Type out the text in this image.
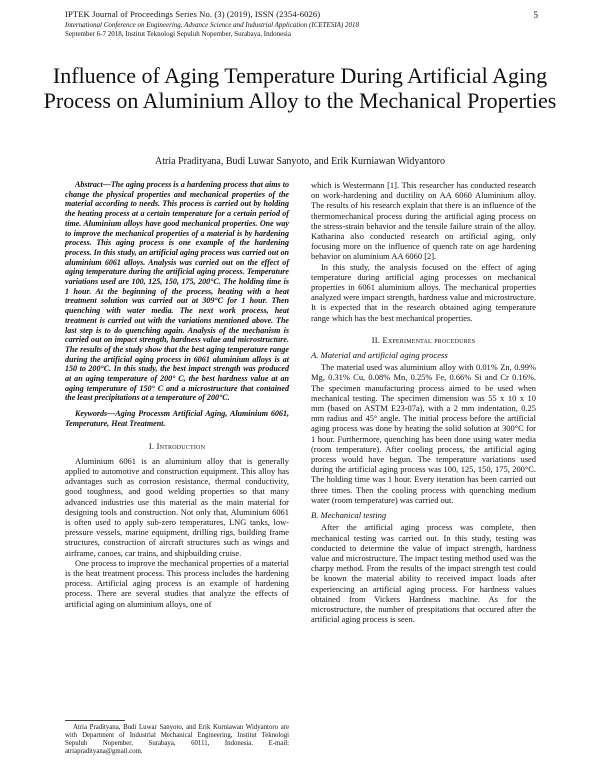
IPTEK Journal of Proceedings Series No. (3) (2019), ISSN (2354-6026)	5
International Conference on Engineering, Advance Science and Industrial Application (ICETESIA) 2018
September 6-7 2018, Institut Teknologi Sepuluh Nopember, Surabaya, Indonesia
Influence of Aging Temperature During Artificial Aging Process on Aluminium Alloy to the Mechanical Properties
Atria Pradityana, Budi Luwar Sanyoto, and Erik Kurniawan Widyantoro

Abstract—The aging process is a hardening process that aims to change the physical properties and mechanical properties of the material according to needs. This process is carried out by holding the heating process at a certain temperature for a certain period of time. Aluminium alloys have good mechanical properties. One way to improve the mechanical properties of a material is by hardening process. This aging process is one example of the hardening process. In this study, an artificial aging process was carried out on aluminium 6061 alloys. Analysis was carried out on the effect of aging temperature during the artificial aging process. Temperature variations used are 100, 125, 150, 175, 200°C. The holding time is 1 hour. At the beginning of the process, heating with a heat treatment solution was carried out at 309°C for 1 hour. Then quenching with water media. The next work process, heat treatment is carried out with the variations mentioned above. The last step is to do quenching again. Analysis of the mechanism is carried out on impact strength, hardness value and microstructure. The results of the study show that the best aging temperature range during the artificial aging process in 6061 aluminium alloys is at 150 to 200°C. In this study, the best impact strength was produced at an aging temperature of 200° C, the best hardness value at an aging temperature of 150° C and a microstructure that contained the least precipitations at a temperature of 200°C.

Keywords—Aging Processm Artificial Aging, Aluminium 6061, Temperature, Heat Treatment.

I. Introduction

Aluminium 6061 is an aluminium alloy that is generally applied to automotive and construction equipment. This alloy has advantages such as corrosion resistance, thermal conductivity, good toughness, and good welding properties so that many advanced industries use this material as the main material for designing tools and construction. Not only that, Aluminium 6061 is often used to apply sub-zero temperatures, LNG tanks, low-pressure vessels, marine equipment, drilling rigs, building frame structures, construction of aircraft structures such as wings and airframe, canoes, car trains, and shipbuilding cruise.

One process to improve the mechanical properties of a material is the heat treatment process. This process includes the hardening process. Artificial aging process is an example of hardening process. There are several studies that analyze the effects of artificial aging on aluminium alloys, one of

which is Westermann [1]. This researcher has conducted research on work-hardening and ductility on AA 6060 Aluminium alloy. The results of his research explain that there is an influence of the thermomechanical process during the artificial aging process on the stress-strain behavior and the tensile failure strain of the alloy. Katharina also conducted research on artificial aging, only focusing more on the influence of quench rate on age hardening behavior on aluminium AA 6060 [2].

In this study, the analysis focused on the effect of aging temperature during artificial aging processes on mechanical properties in 6061 aluminium alloys. The mechanical properties analyzed were impact strength, hardness value and microstructure. It is expected that in the research obtained aging temperature range which has the best mechanical properties.

II. Experimental procedures
A. Material and artificial aging process

The material used was aluminium alloy with 0.01% Zn, 0.99% Mg, 0.31% Cu, 0.08% Mn, 0.25% Fe, 0.66% Si and Cr 0.16%. The specimen manufacturing process aimed to be used when mechanical testing. The specimen dimension was 55 x 10 x 10 mm (based on ASTM E23-07a), with a 2 mm indentation, 0.25 mm radius and 45° angle. The initial process before the artificial aging process was done by heating the solid solution at 300°C for 1 hour. Furthermore, quenching has been done using water media (room temperature). After cooling process, the artificial aging process would have begun. The temperature variations used during the artificial aging process was 100, 125, 150, 175, 200°C. The holding time was 1 hour. Every iteration has been carried out three times. Then the cooling process with quenching medium water (room temperature) was carried out.

B. Mechanical testing

After the artificial aging process was complete, then mechanical testing was carried out. In this study, testing was conducted to determine the value of impact strength, hardness value and microstructure. The impact testing method used was the charpy method. From the results of the impact strength test could be known the material ability to received impact loads after experiencing an artificial aging process. For hardness values obtained from Vickers Hardness machine. As for the microstructure, the number of prespitations that occured after the artificial aging process is seen.

Atria Pradityana, Budi Luwar Sanyoto, and Erik Kurniawan Widyantoro are with Department of Industrial Mechanical Engineering, Institut Teknologi Sepuluh Nopember, Surabaya, 60111, Indonesia. E-mail: atriapradityana@gmail.com.
